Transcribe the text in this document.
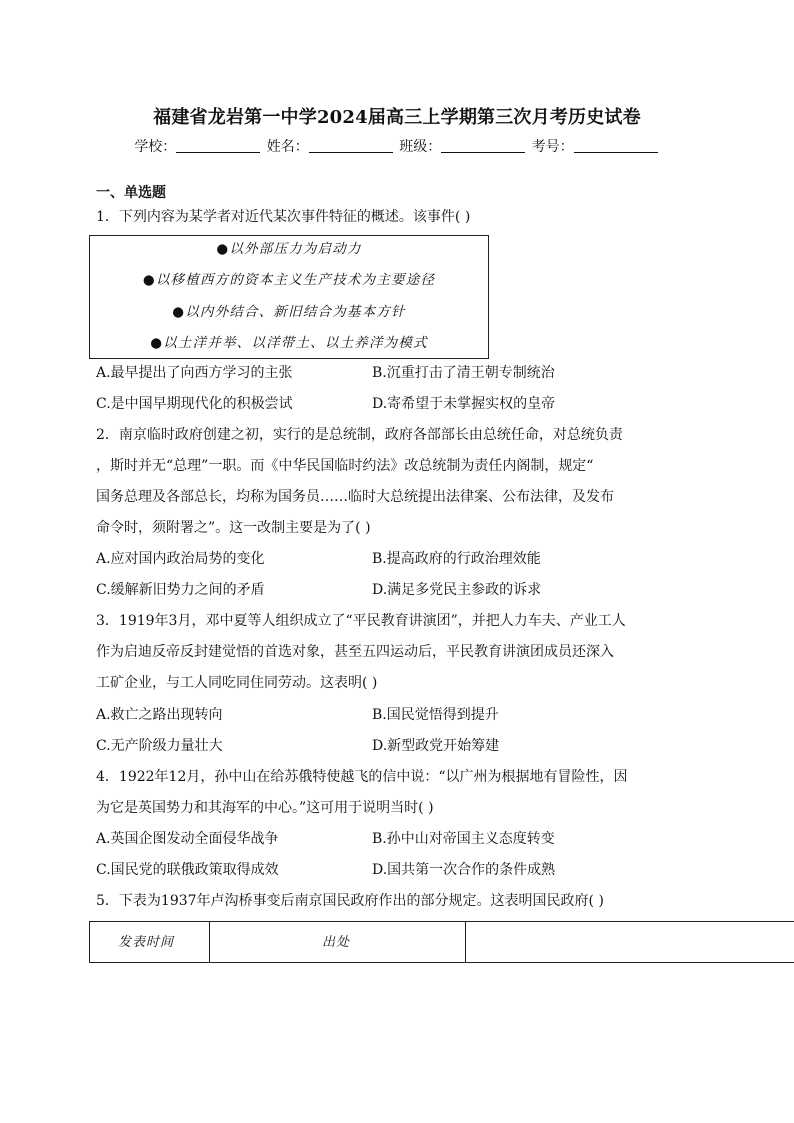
福建省龙岩第一中学2024届高三上学期第三次月考历史试卷
学校：	姓名：	班级：	考号：
一、单选题
1．下列内容为某学者对近代某次事件特征的概述。该事件( )
●以外部压力为启动力
●以移植西方的资本主义生产技术为主要途径
●以内外结合、新旧结合为基本方针
●以土洋并举、以洋带土、以土养洋为模式
A.最早提出了向西方学习的主张	B.沉重打击了清王朝专制统治
C.是中国早期现代化的积极尝试	D.寄希望于未掌握实权的皇帝
2．南京临时政府创建之初，实行的是总统制，政府各部部长由总统任命，对总统负责
，斯时并无“总理”一职。而《中华民国临时约法》改总统制为责任内阁制，规定“
国务总理及各部总长，均称为国务员……临时大总统提出法律案、公布法律，及发布
命令时，须附署之”。这一改制主要是为了( )
A.应对国内政治局势的变化	B.提高政府的行政治理效能
C.缓解新旧势力之间的矛盾	D.满足多党民主参政的诉求
3．1919年3月，邓中夏等人组织成立了“平民教育讲演团”，并把人力车夫、产业工人
作为启迪反帝反封建觉悟的首选对象，甚至五四运动后，平民教育讲演团成员还深入
工矿企业，与工人同吃同住同劳动。这表明( )
A.救亡之路出现转向	B.国民觉悟得到提升
C.无产阶级力量壮大	D.新型政党开始筹建
4．1922年12月，孙中山在给苏俄特使越飞的信中说：“以广州为根据地有冒险性，因
为它是英国势力和其海军的中心。”这可用于说明当时( )
A.英国企图发动全面侵华战争	B.孙中山对帝国主义态度转变
C.国民党的联俄政策取得成效	D.国共第一次合作的条件成熟
5．下表为1937年卢沟桥事变后南京国民政府作出的部分规定。这表明国民政府( )
发表时间	出处
